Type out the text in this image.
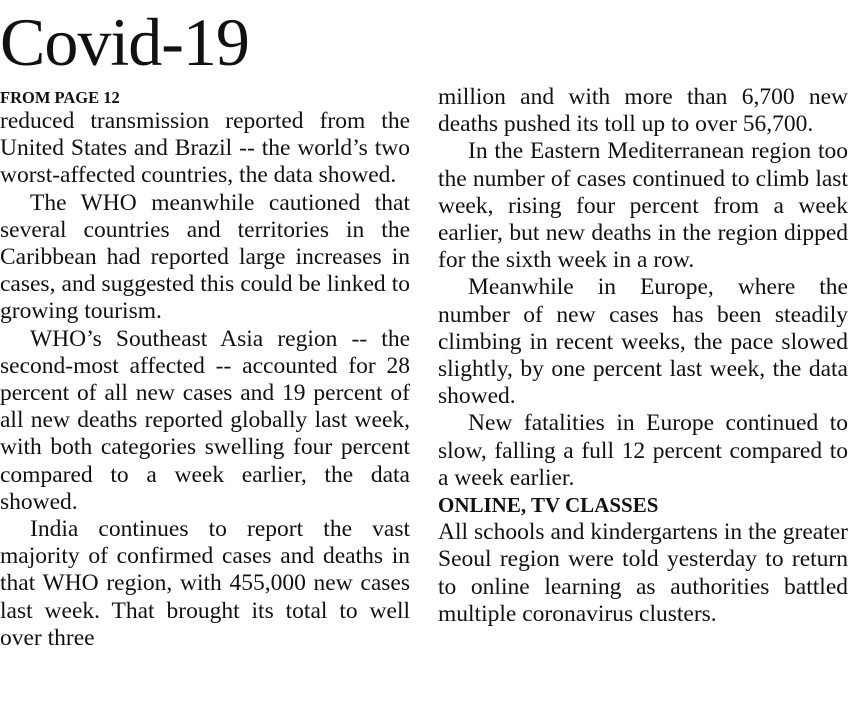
Covid-19

FROM PAGE 12

reduced transmission reported from the United States and Brazil -- the world’s two worst-affected countries, the data showed.

The WHO meanwhile cautioned that several countries and territories in the Caribbean had reported large increases in cases, and suggested this could be linked to growing tourism.

WHO’s Southeast Asia region -- the second-most affected -- accounted for 28 percent of all new cases and 19 percent of all new deaths reported globally last week, with both categories swelling four percent compared to a week earlier, the data showed.

India continues to report the vast majority of confirmed cases and deaths in that WHO region, with 455,000 new cases last week. That brought its total to well over three

million and with more than 6,700 new deaths pushed its toll up to over 56,700.

In the Eastern Mediterranean region too the number of cases continued to climb last week, rising four percent from a week earlier, but new deaths in the region dipped for the sixth week in a row.

Meanwhile in Europe, where the number of new cases has been steadily climbing in recent weeks, the pace slowed slightly, by one percent last week, the data showed.

New fatalities in Europe continued to slow, falling a full 12 percent compared to a week earlier.

ONLINE, TV CLASSES

All schools and kindergartens in the greater Seoul region were told yesterday to return to online learning as authorities battled multiple coronavirus clusters.
